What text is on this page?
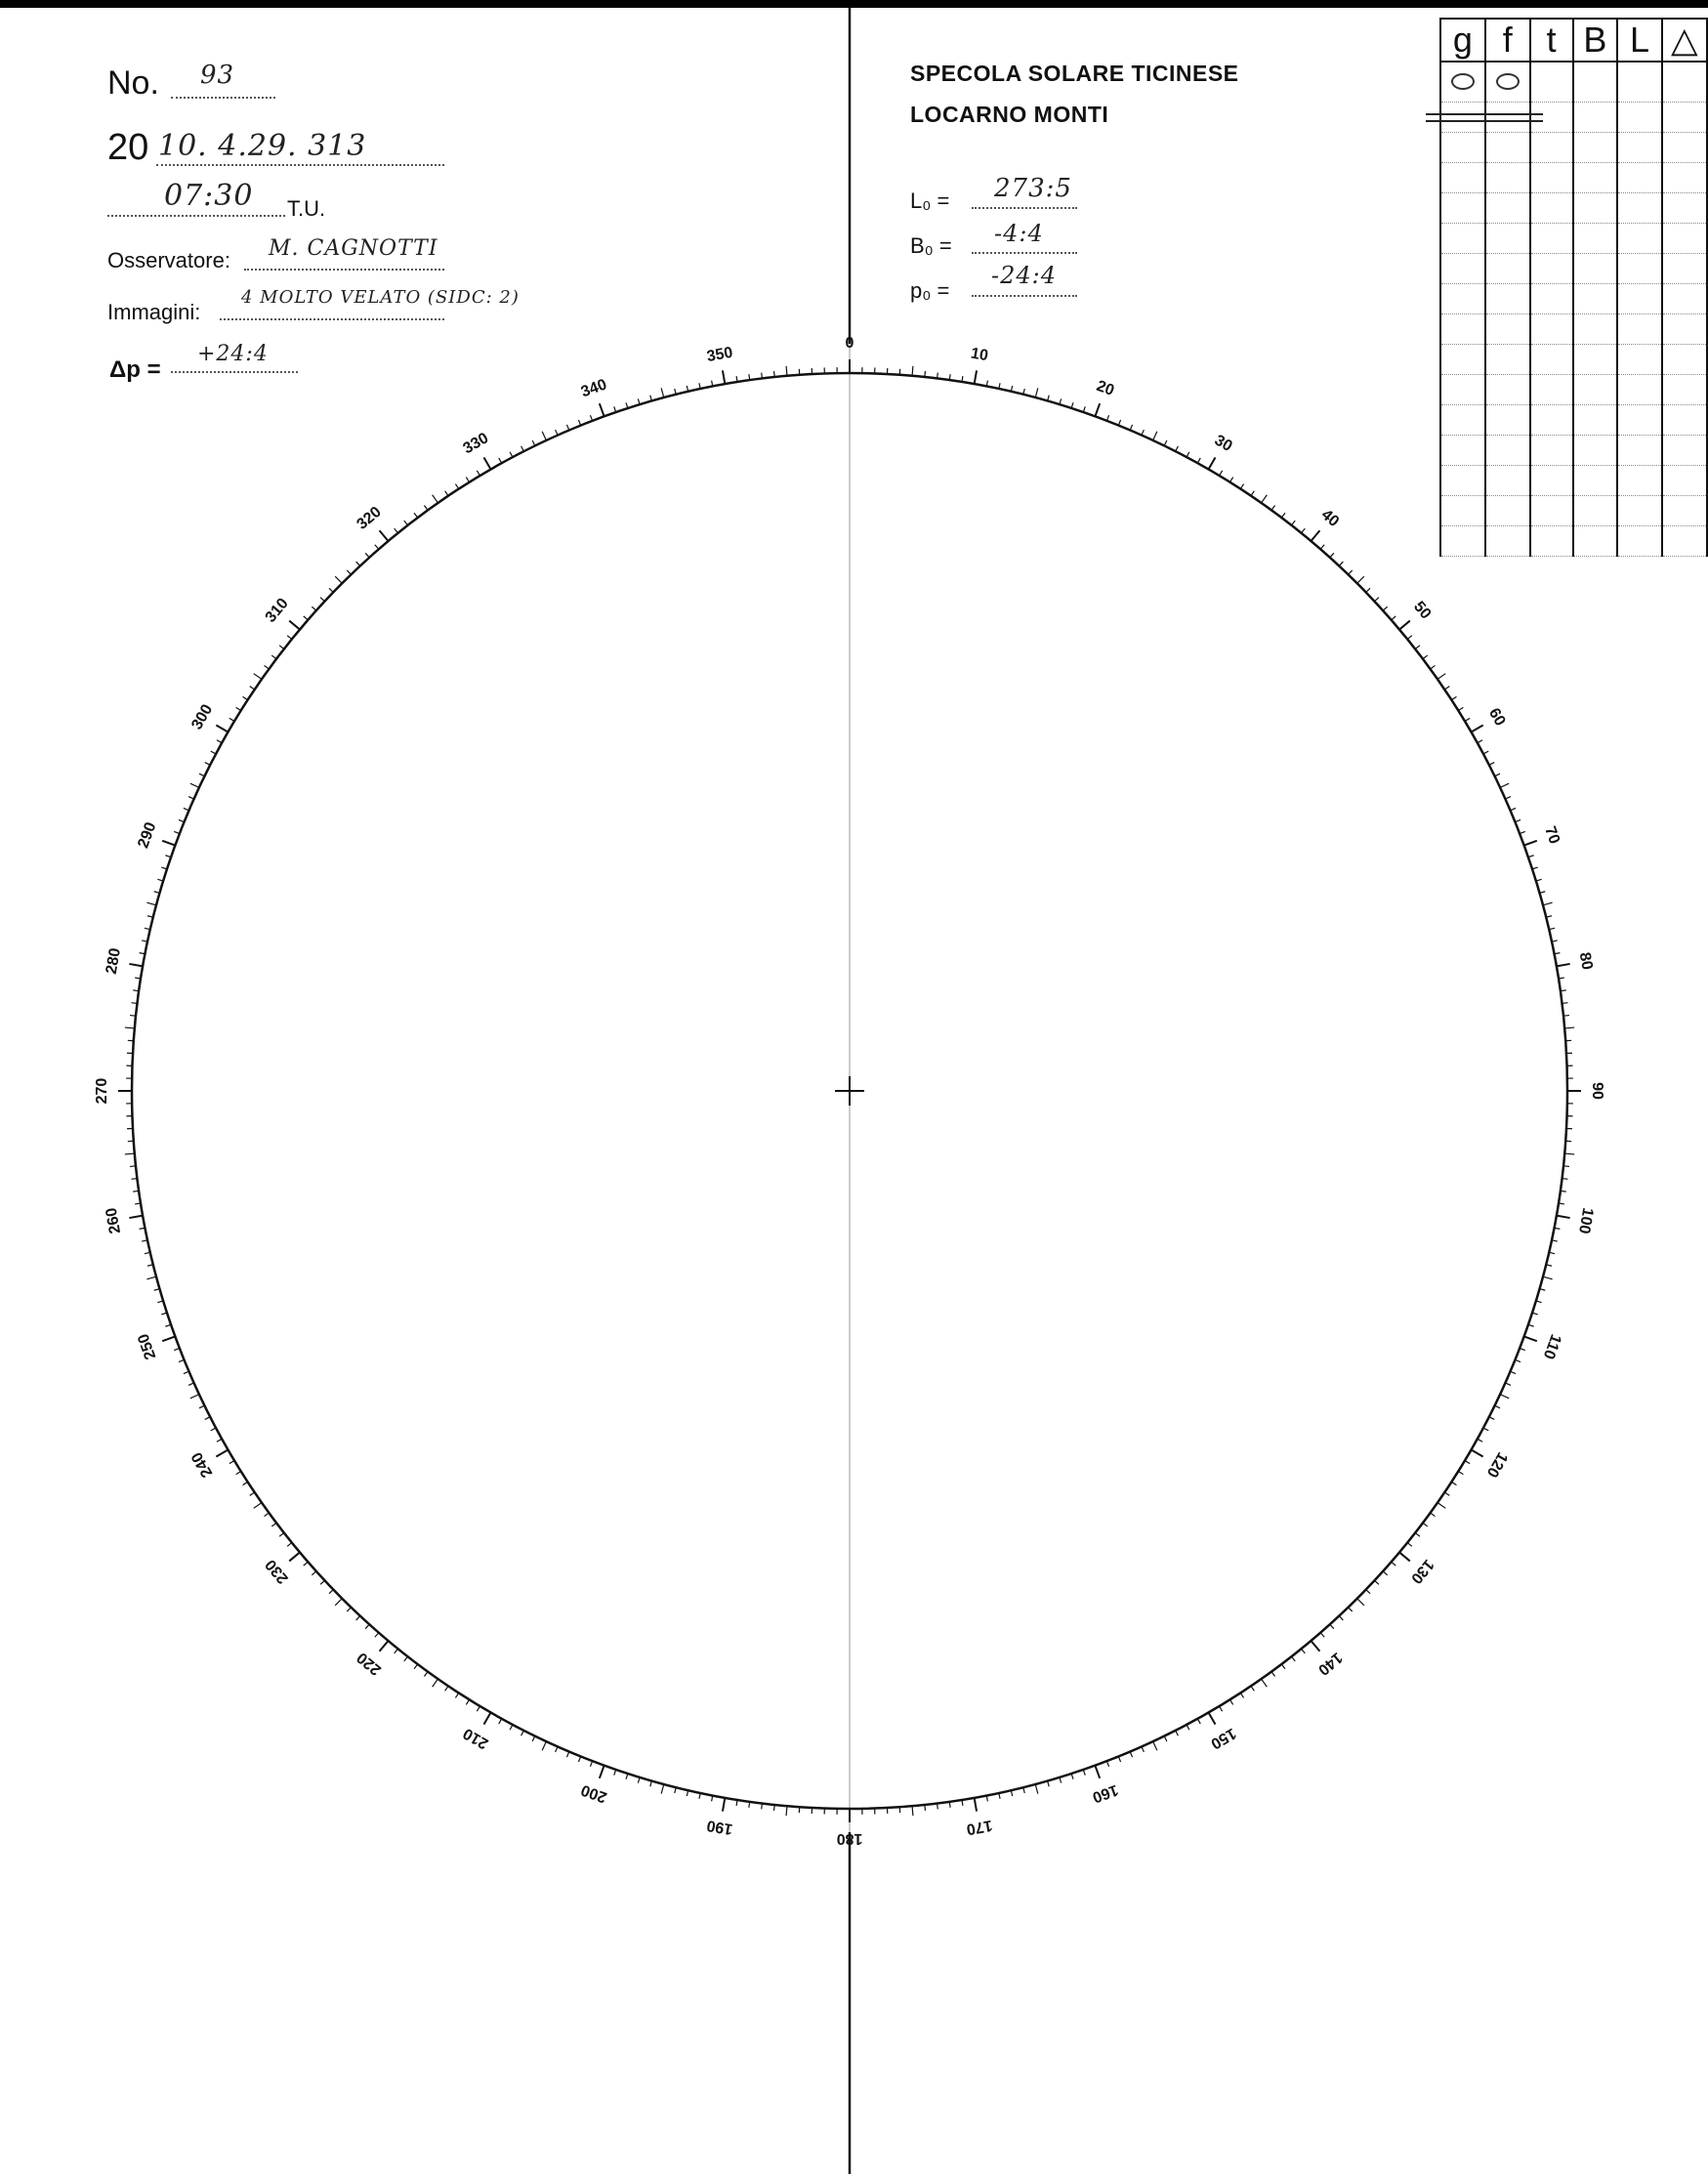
0
10
20
30
40
50
60
70
80
90
100
110
120
130
140
150
160
170
180
190
200
210
220
230
240
250
260
270
280
290
300
310
320
330
340
350
No. 93
20 10. 4.29. 313
07:30 T.U.
Osservatore: M. CAGNOTTI
Immagini:
4 MOLTO VELATO (SIDC: 2)
Δp =
+24:4
SPECOLA SOLARE TICINESE
LOCARNO MONTI
L₀ = 273:5
B₀ = -4:4
p₀ =
-24:4
g	f	t	B	L	△
